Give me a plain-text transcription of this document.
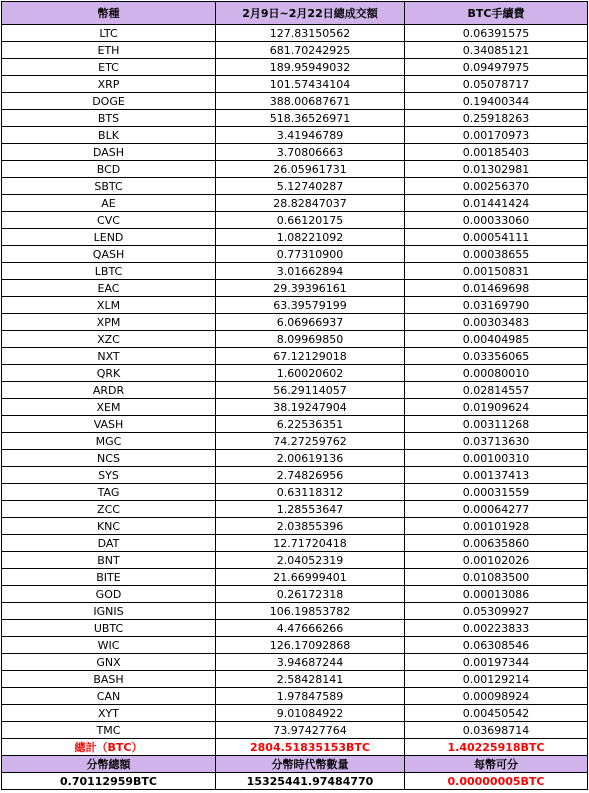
幣種	2月9日~2月22日總成交額	BTC手續費
LTC	127.83150562	0.06391575
ETH	681.70242925	0.34085121
ETC	189.95949032	0.09497975
XRP	101.57434104	0.05078717
DOGE	388.00687671	0.19400344
BTS	518.36526971	0.25918263
BLK	3.41946789	0.00170973
DASH	3.70806663	0.00185403
BCD	26.05961731	0.01302981
SBTC	5.12740287	0.00256370
AE	28.82847037	0.01441424
CVC	0.66120175	0.00033060
LEND	1.08221092	0.00054111
QASH	0.77310900	0.00038655
LBTC	3.01662894	0.00150831
EAC	29.39396161	0.01469698
XLM	63.39579199	0.03169790
XPM	6.06966937	0.00303483
XZC	8.09969850	0.00404985
NXT	67.12129018	0.03356065
QRK	1.60020602	0.00080010
ARDR	56.29114057	0.02814557
XEM	38.19247904	0.01909624
VASH	6.22536351	0.00311268
MGC	74.27259762	0.03713630
NCS	2.00619136	0.00100310
SYS	2.74826956	0.00137413
TAG	0.63118312	0.00031559
ZCC	1.28553647	0.00064277
KNC	2.03855396	0.00101928
DAT	12.71720418	0.00635860
BNT	2.04052319	0.00102026
BITE	21.66999401	0.01083500
GOD	0.26172318	0.00013086
IGNIS	106.19853782	0.05309927
UBTC	4.47666266	0.00223833
WIC	126.17092868	0.06308546
GNX	3.94687244	0.00197344
BASH	2.58428141	0.00129214
CAN	1.97847589	0.00098924
XYT	9.01084922	0.00450542
TMC	73.97427764	0.03698714
總計（BTC）	2804.51835153BTC	1.40225918BTC
分幣總額	分幣時代幣數量	每幣可分
0.70112959BTC	15325441.97484770	0.00000005BTC
